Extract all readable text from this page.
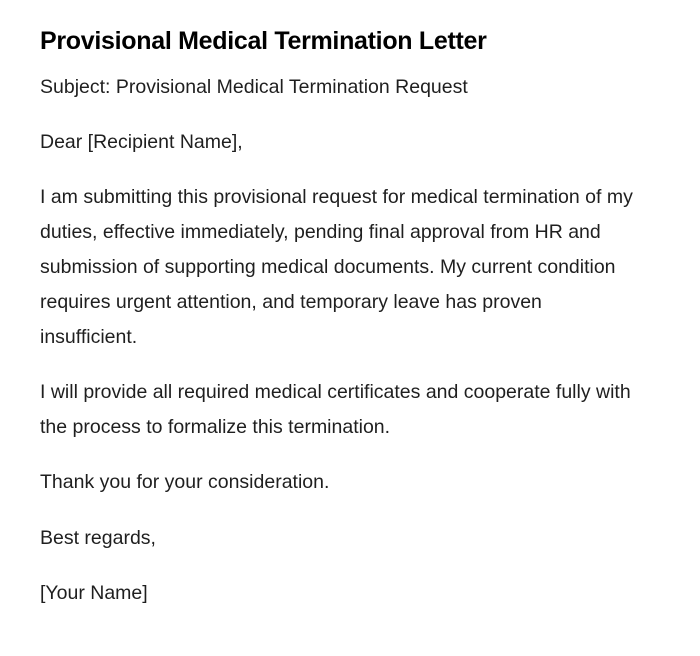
Provisional Medical Termination Letter

Subject: Provisional Medical Termination Request

Dear [Recipient Name],

I am submitting this provisional request for medical termination of my duties, effective immediately, pending final approval from HR and submission of supporting medical documents. My current condition requires urgent attention, and temporary leave has proven insufficient.

I will provide all required medical certificates and cooperate fully with the process to formalize this termination.

Thank you for your consideration.

Best regards,

[Your Name]
